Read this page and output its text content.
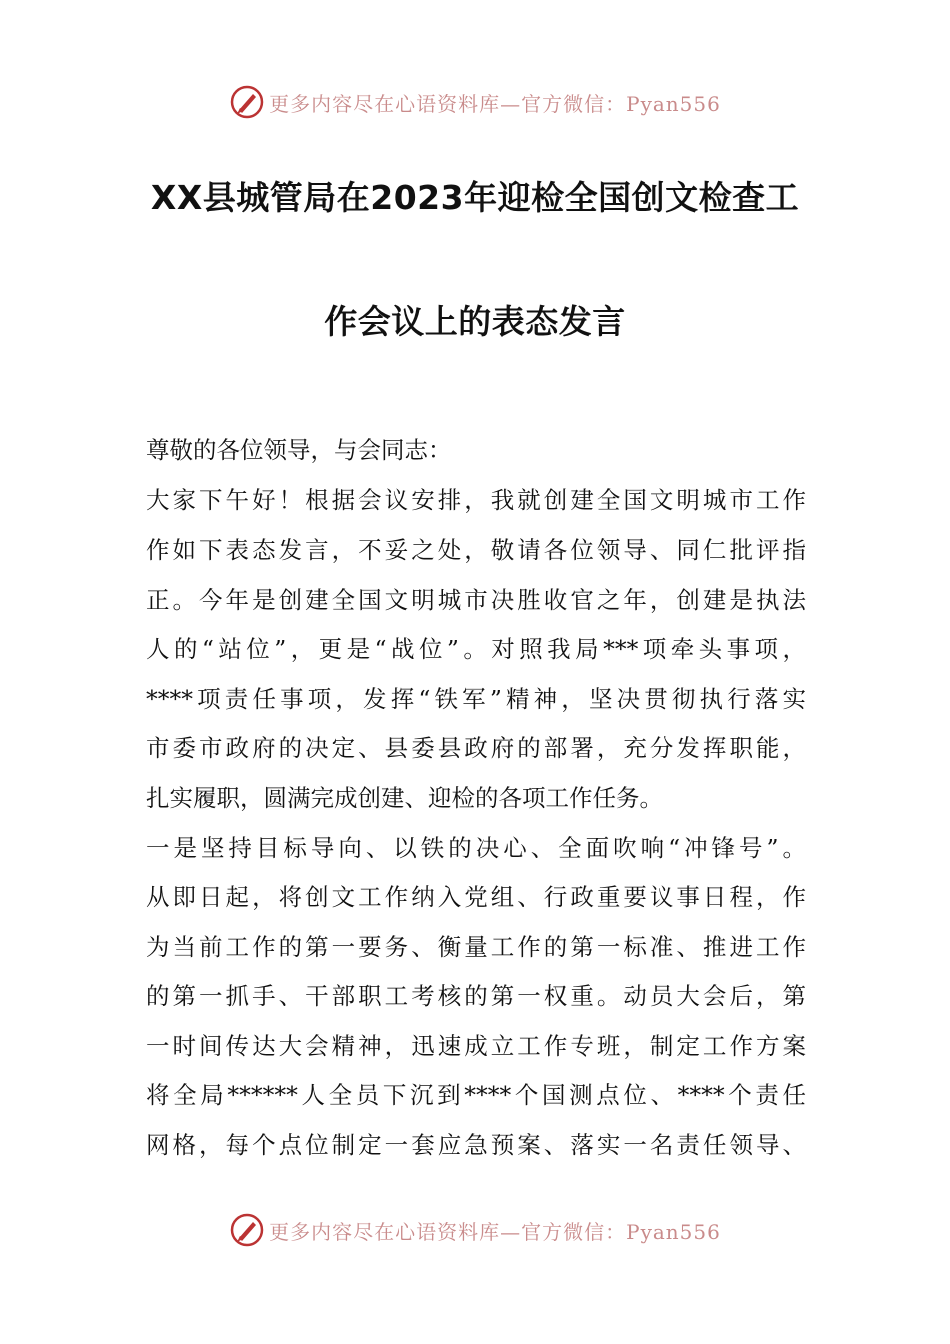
更多内容尽在心语资料库—官方微信：Pyan556
XX县城管局在2023年迎检全国创文检查工
作会议上的表态发言
尊敬的各位领导，与会同志：
大家下午好！根据会议安排，我就创建全国文明城市工作
作如下表态发言，不妥之处，敬请各位领导、同仁批评指
正。今年是创建全国文明城市决胜收官之年，创建是执法
人的“站位”，更是“战位”。对照我局***项牵头事项，
****项责任事项，发挥“铁军”精神，坚决贯彻执行落实
市委市政府的决定、县委县政府的部署，充分发挥职能，
扎实履职，圆满完成创建、迎检的各项工作任务。
一是坚持目标导向、以铁的决心、全面吹响“冲锋号”。
从即日起，将创文工作纳入党组、行政重要议事日程，作
为当前工作的第一要务、衡量工作的第一标准、推进工作
的第一抓手、干部职工考核的第一权重。动员大会后，第
一时间传达大会精神，迅速成立工作专班，制定工作方案
将全局******人全员下沉到****个国测点位、****个责任
网格，每个点位制定一套应急预案、落实一名责任领导、
更多内容尽在心语资料库—官方微信：Pyan556
